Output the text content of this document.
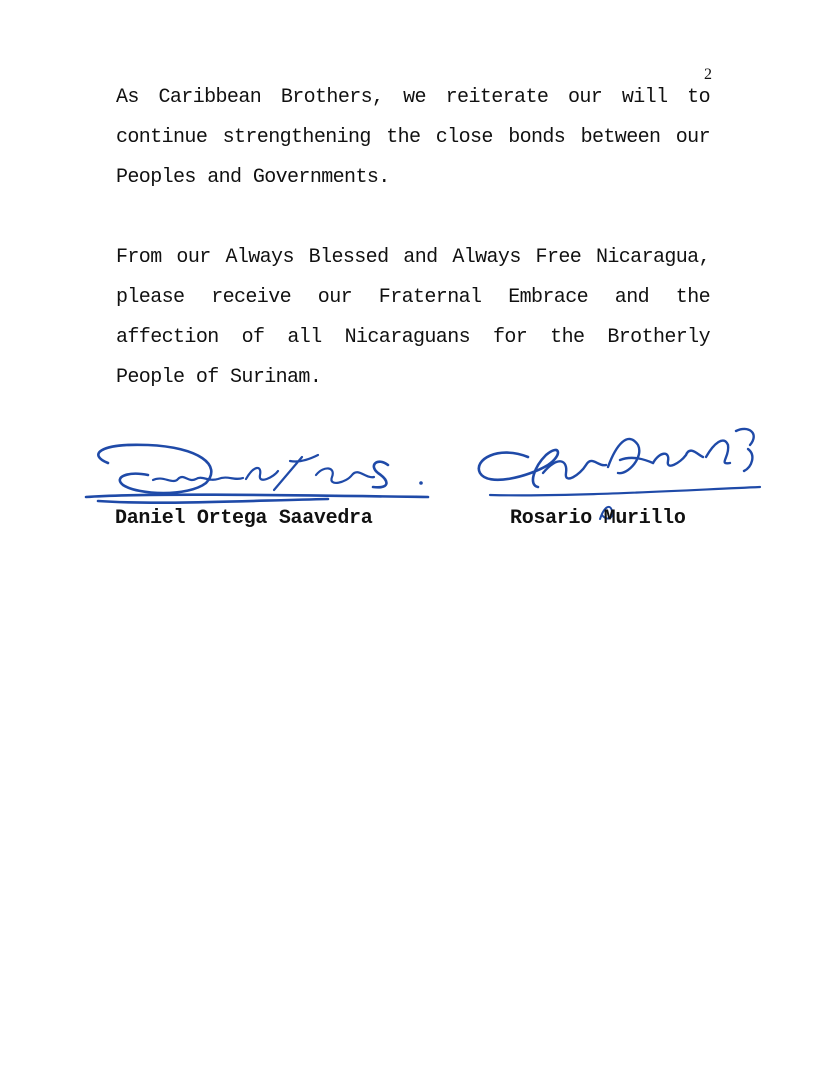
2

As Caribbean Brothers, we reiterate our will to continue strengthening the close bonds between our Peoples and Governments.

From our Always Blessed and Always Free Nicaragua, please receive our Fraternal Embrace and the affection of all Nicaraguans for the Brotherly People of Surinam.

Daniel Ortega Saavedra	Rosario Murillo
